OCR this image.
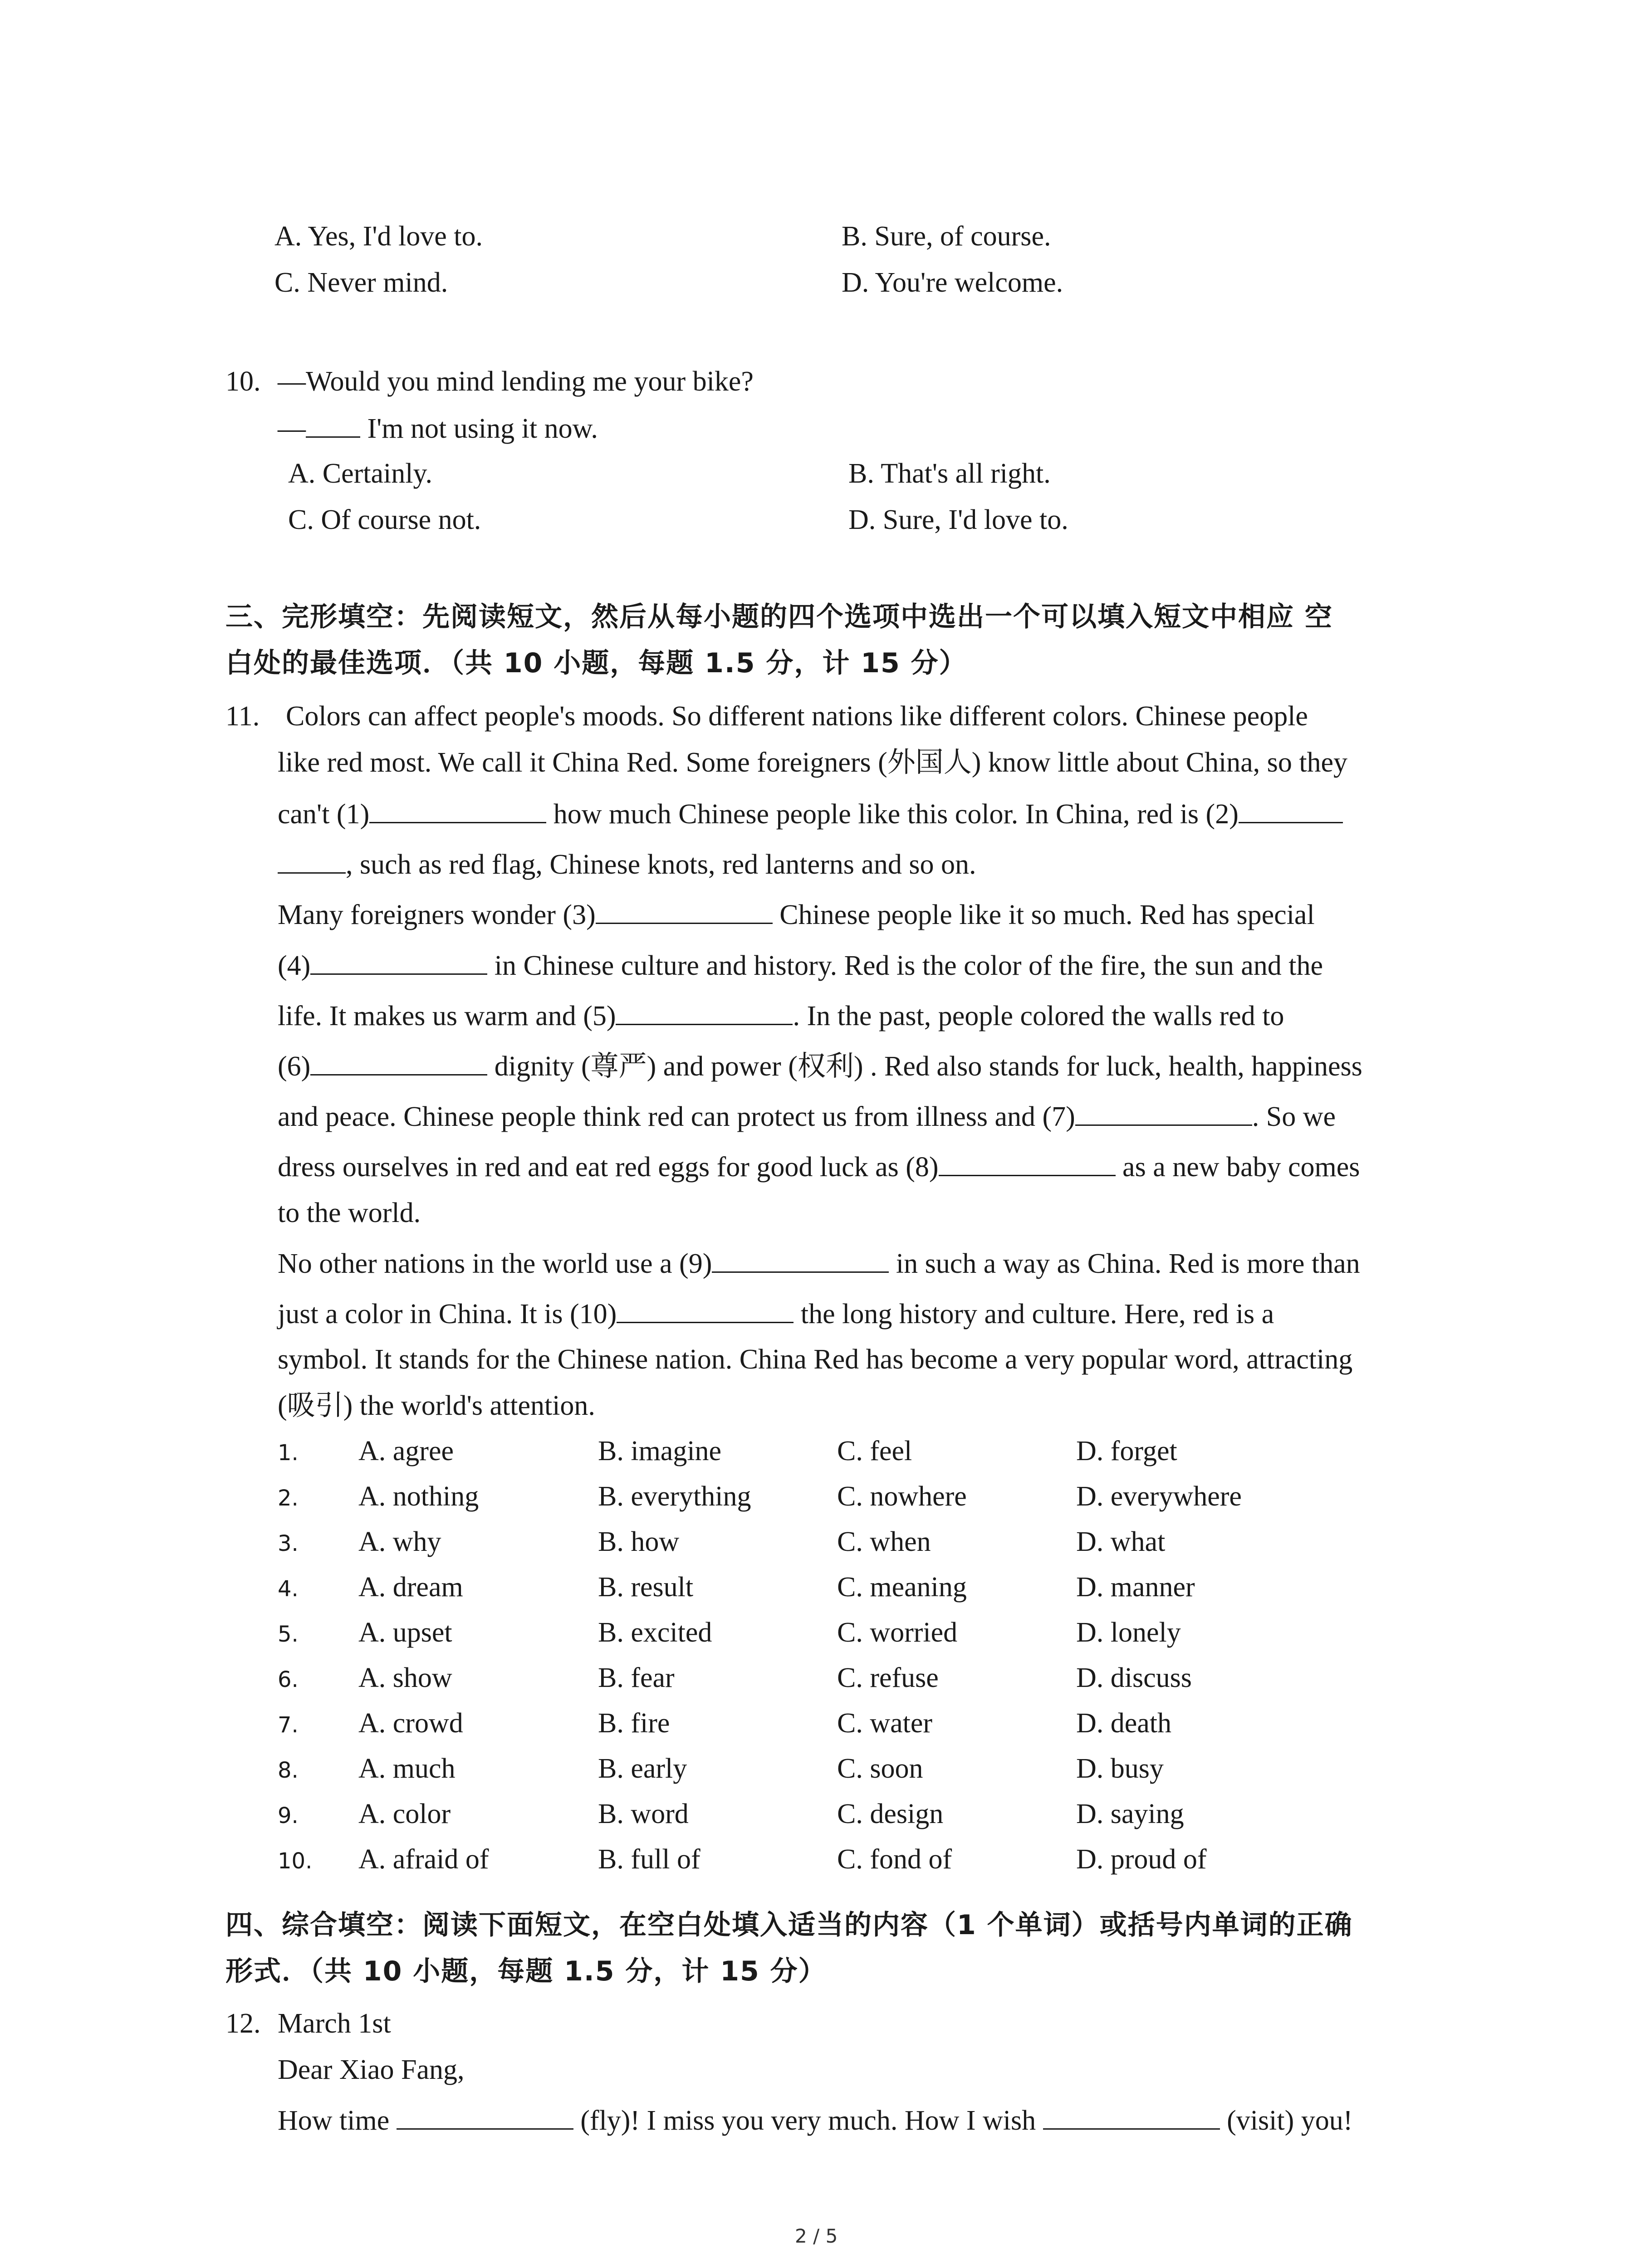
A. Yes, I'd love to.	B. Sure, of course.
C. Never mind.	D. You're welcome.
10. —Would you mind lending me your bike?
— I'm not using it now.
A. Certainly.	B. That's all right.
C. Of course not.	D. Sure, I'd love to.
三、完形填空：先阅读短文，然后从每小题的四个选项中选出一个可以填入短文中相应 空
白处的最佳选项．（共 10 小题，每题 1.5 分，计 15 分）
11. Colors can affect people's moods. So different nations like different colors. Chinese people
like red most. We call it China Red. Some foreigners (外国人) know little about China, so they
can't (1)	how much Chinese people like this color. In China, red is (2)
, such as red flag, Chinese knots, red lanterns and so on.
Many foreigners wonder (3)	Chinese people like it so much. Red has special
(4)	in Chinese culture and history. Red is the color of the fire, the sun and the
life. It makes us warm and (5)	. In the past, people colored the walls red to
(6)	dignity (尊严) and power (权利) . Red also stands for luck, health, happiness
and peace. Chinese people think red can protect us from illness and (7)	. So we
dress ourselves in red and eat red eggs for good luck as (8)	as a new baby comes
to the world.
No other nations in the world use a (9)	in such a way as China. Red is more than
just a color in China. It is (10)	the long history and culture. Here, red is a
symbol. It stands for the Chinese nation. China Red has become a very popular word, attracting
(吸引) the world's attention.
1. A. agree	B. imagine	C. feel	D. forget
2. A. nothing	B. everything	C. nowhere	D. everywhere
3. A. why	B. how	C. when	D. what
4. A. dream	B. result	C. meaning	D. manner
5. A. upset	B. excited	C. worried	D. lonely
6. A. show	B. fear	C. refuse	D. discuss
7. A. crowd	B. fire	C. water	D. death
8. A. much	B. early	C. soon	D. busy
9. A. color	B. word	C. design	D. saying
10. A. afraid of	B. full of	C. fond of	D. proud of
四、综合填空：阅读下面短文，在空白处填入适当的内容（1 个单词）或括号内单词的正确
形式．（共 10 小题，每题 1.5 分，计 15 分）
12. March 1st
Dear Xiao Fang,
How time	(fly)! I miss you very much. How I wish	(visit) you!
2 / 5
